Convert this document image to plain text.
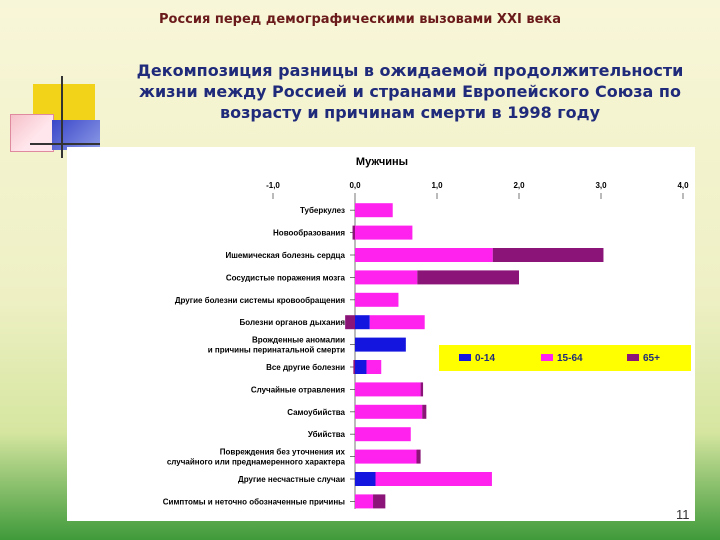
Россия перед демографическими вызовами XXI века
Декомпозиция разницы в ожидаемой продолжительности жизни между Россией и странами Европейского Союза по возрасту и причинам смерти в 1998 году
Мужчины
-1,0	0,0	1,0	2,0	3,0	4,0
Туберкулез
Новообразования
Ишемическая болезнь сердца
Сосудистые поражения мозга
Другие болезни системы кровообращения
Болезни органов дыхания
Врожденные аномалии
и причины перинатальной смерти
Все другие болезни
Случайные отравления
Самоубийства
Убийства
Повреждения без уточнения их
случайного или преднамеренного характера
Другие несчастные случаи
Симптомы и неточно обозначенные причины
0-14	15-64	65+
11
